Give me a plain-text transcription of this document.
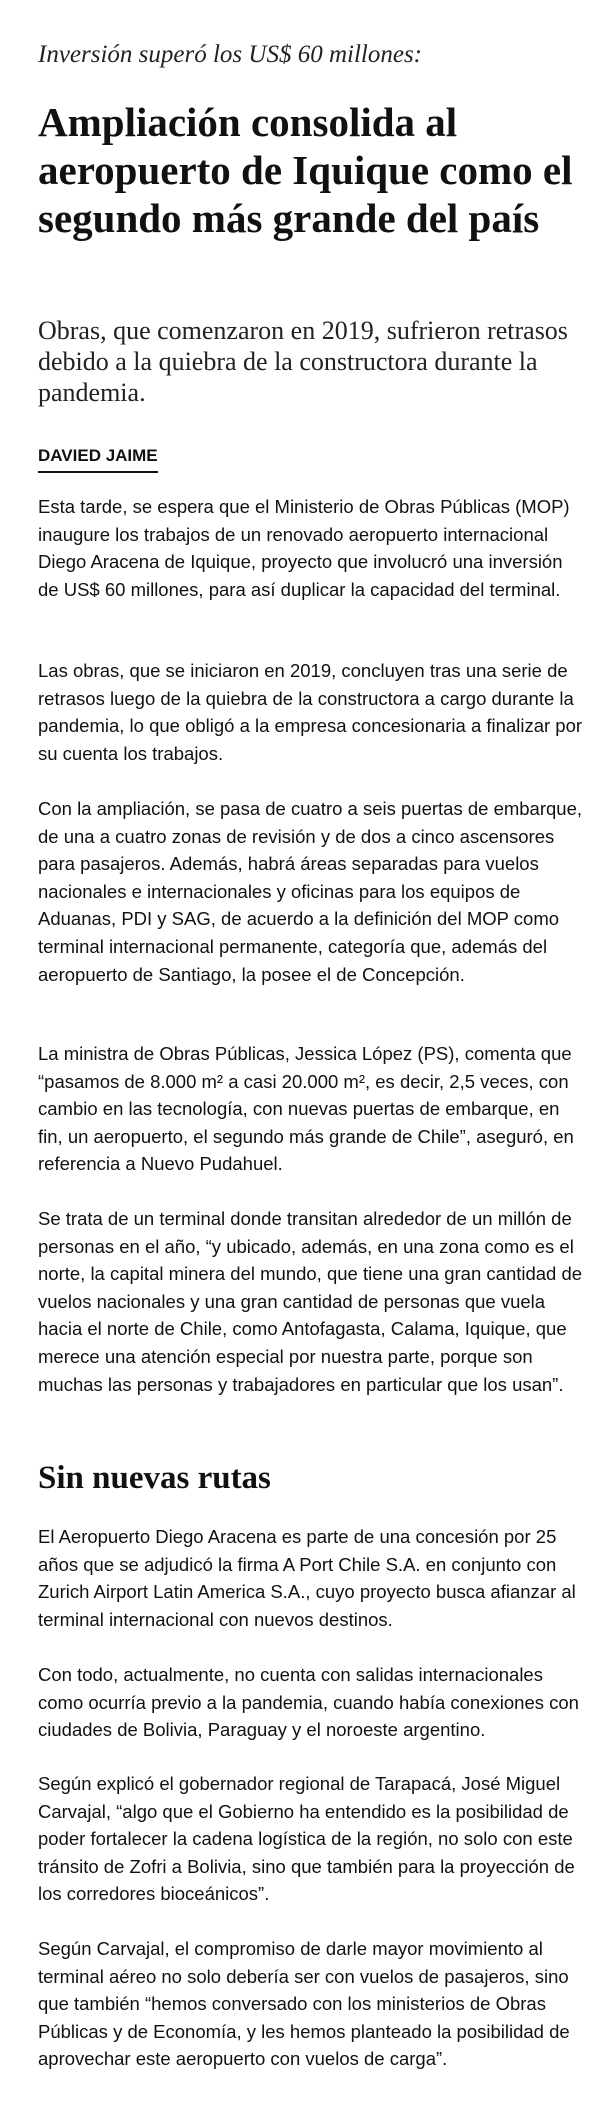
Inversión superó los US$ 60 millones:
Ampliación consolida al aeropuerto de Iquique como el segundo más grande del país

Obras, que comenzaron en 2019, sufrieron retrasos debido a la quiebra de la constructora durante la pandemia.

DAVIED JAIME

Esta tarde, se espera que el Ministerio de Obras Públicas (MOP) inaugure los trabajos de un renovado aeropuerto internacional Diego Aracena de Iquique, proyecto que involucró una inversión de US$ 60 millones, para así duplicar la capacidad del terminal.

Las obras, que se iniciaron en 2019, concluyen tras una serie de retrasos luego de la quiebra de la constructora a cargo durante la pandemia, lo que obligó a la empresa concesionaria a finalizar por su cuenta los trabajos.

Con la ampliación, se pasa de cuatro a seis puertas de embarque, de una a cuatro zonas de revisión y de dos a cinco ascensores para pasajeros. Además, habrá áreas separadas para vuelos nacionales e internacionales y oficinas para los equipos de Aduanas, PDI y SAG, de acuerdo a la definición del MOP como terminal internacional permanente, categoría que, además del aeropuerto de Santiago, la posee el de Concepción.

La ministra de Obras Públicas, Jessica López (PS), comenta que “pasamos de 8.000 m² a casi 20.000 m², es decir, 2,5 veces, con cambio en las tecnología, con nuevas puertas de embarque, en fin, un aeropuerto, el segundo más grande de Chile”, aseguró, en referencia a Nuevo Pudahuel.

Se trata de un terminal donde transitan alrededor de un millón de personas en el año, “y ubicado, además, en una zona como es el norte, la capital minera del mundo, que tiene una gran cantidad de vuelos nacionales y una gran cantidad de personas que vuela hacia el norte de Chile, como Antofagasta, Calama, Iquique, que merece una atención especial por nuestra parte, porque son muchas las personas y trabajadores en particular que los usan”.

Sin nuevas rutas

El Aeropuerto Diego Aracena es parte de una concesión por 25 años que se adjudicó la firma A Port Chile S.A. en conjunto con Zurich Airport Latin America S.A., cuyo proyecto busca afianzar al terminal internacional con nuevos destinos.

Con todo, actualmente, no cuenta con salidas internacionales como ocurría previo a la pandemia, cuando había conexiones con ciudades de Bolivia, Paraguay y el noroeste argentino.

Según explicó el gobernador regional de Tarapacá, José Miguel Carvajal, “algo que el Gobierno ha entendido es la posibilidad de poder fortalecer la cadena logística de la región, no solo con este tránsito de Zofri a Bolivia, sino que también para la proyección de los corredores bioceánicos”.

Según Carvajal, el compromiso de darle mayor movimiento al terminal aéreo no solo debería ser con vuelos de pasajeros, sino que también “hemos conversado con los ministerios de Obras Públicas y de Economía, y les hemos planteado la posibilidad de aprovechar este aeropuerto con vuelos de carga”.
